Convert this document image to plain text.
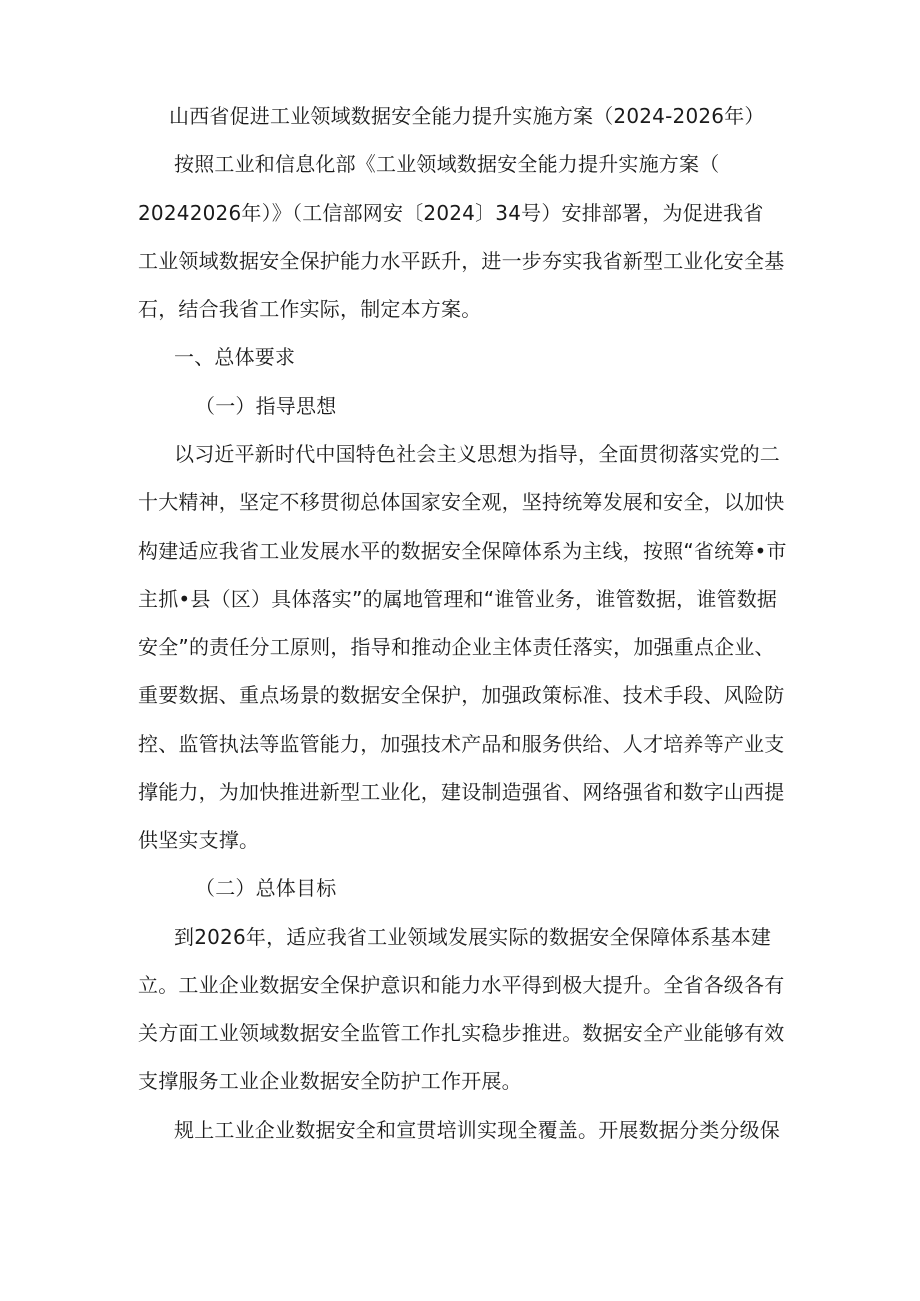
山西省促进工业领域数据安全能力提升实施方案（2024-2026年）
按照工业和信息化部《工业领域数据安全能力提升实施方案（
20242026年）》（工信部网安〔2024〕34号）安排部署，为促进我省
工业领域数据安全保护能力水平跃升，进一步夯实我省新型工业化安全基
石，结合我省工作实际，制定本方案。
一、总体要求
（一）指导思想
以习近平新时代中国特色社会主义思想为指导，全面贯彻落实党的二
十大精神，坚定不移贯彻总体国家安全观，坚持统筹发展和安全，以加快
构建适应我省工业发展水平的数据安全保障体系为主线，按照“省统筹•市
主抓•县（区）具体落实”的属地管理和“谁管业务，谁管数据，谁管数据
安全”的责任分工原则，指导和推动企业主体责任落实，加强重点企业、
重要数据、重点场景的数据安全保护，加强政策标准、技术手段、风险防
控、监管执法等监管能力，加强技术产品和服务供给、人才培养等产业支
撑能力，为加快推进新型工业化，建设制造强省、网络强省和数字山西提
供坚实支撑。
（二）总体目标
到2026年，适应我省工业领域发展实际的数据安全保障体系基本建
立。工业企业数据安全保护意识和能力水平得到极大提升。全省各级各有
关方面工业领域数据安全监管工作扎实稳步推进。数据安全产业能够有效
支撑服务工业企业数据安全防护工作开展。
规上工业企业数据安全和宣贯培训实现全覆盖。开展数据分类分级保
